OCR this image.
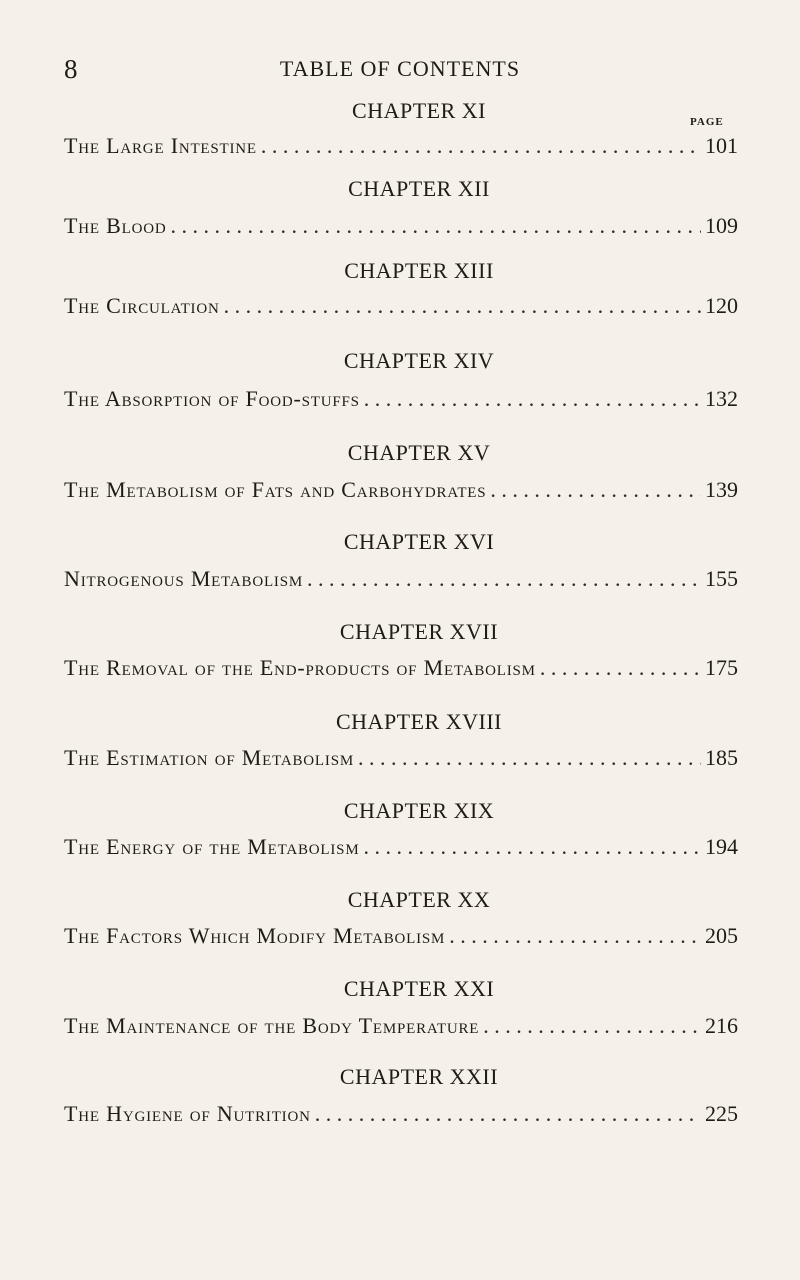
8	TABLE OF CONTENTS
PAGE
CHAPTER XI
The Large Intestine . . .	101
CHAPTER XII
The Blood . . .	109
CHAPTER XIII
The Circulation . . .	120
CHAPTER XIV
The Absorption of Food-stuffs . . .	132
CHAPTER XV
The Metabolism of Fats and Carbohydrates . . .	139
CHAPTER XVI
Nitrogenous Metabolism . . .	155
CHAPTER XVII
The Removal of the End-products of Metabolism . . .	175
CHAPTER XVIII
The Estimation of Metabolism . . .	185
CHAPTER XIX
The Energy of the Metabolism . . .	194
CHAPTER XX
The Factors Which Modify Metabolism . . .	205
CHAPTER XXI
The Maintenance of the Body Temperature . . .	216
CHAPTER XXII
The Hygiene of Nutrition . . .	225
